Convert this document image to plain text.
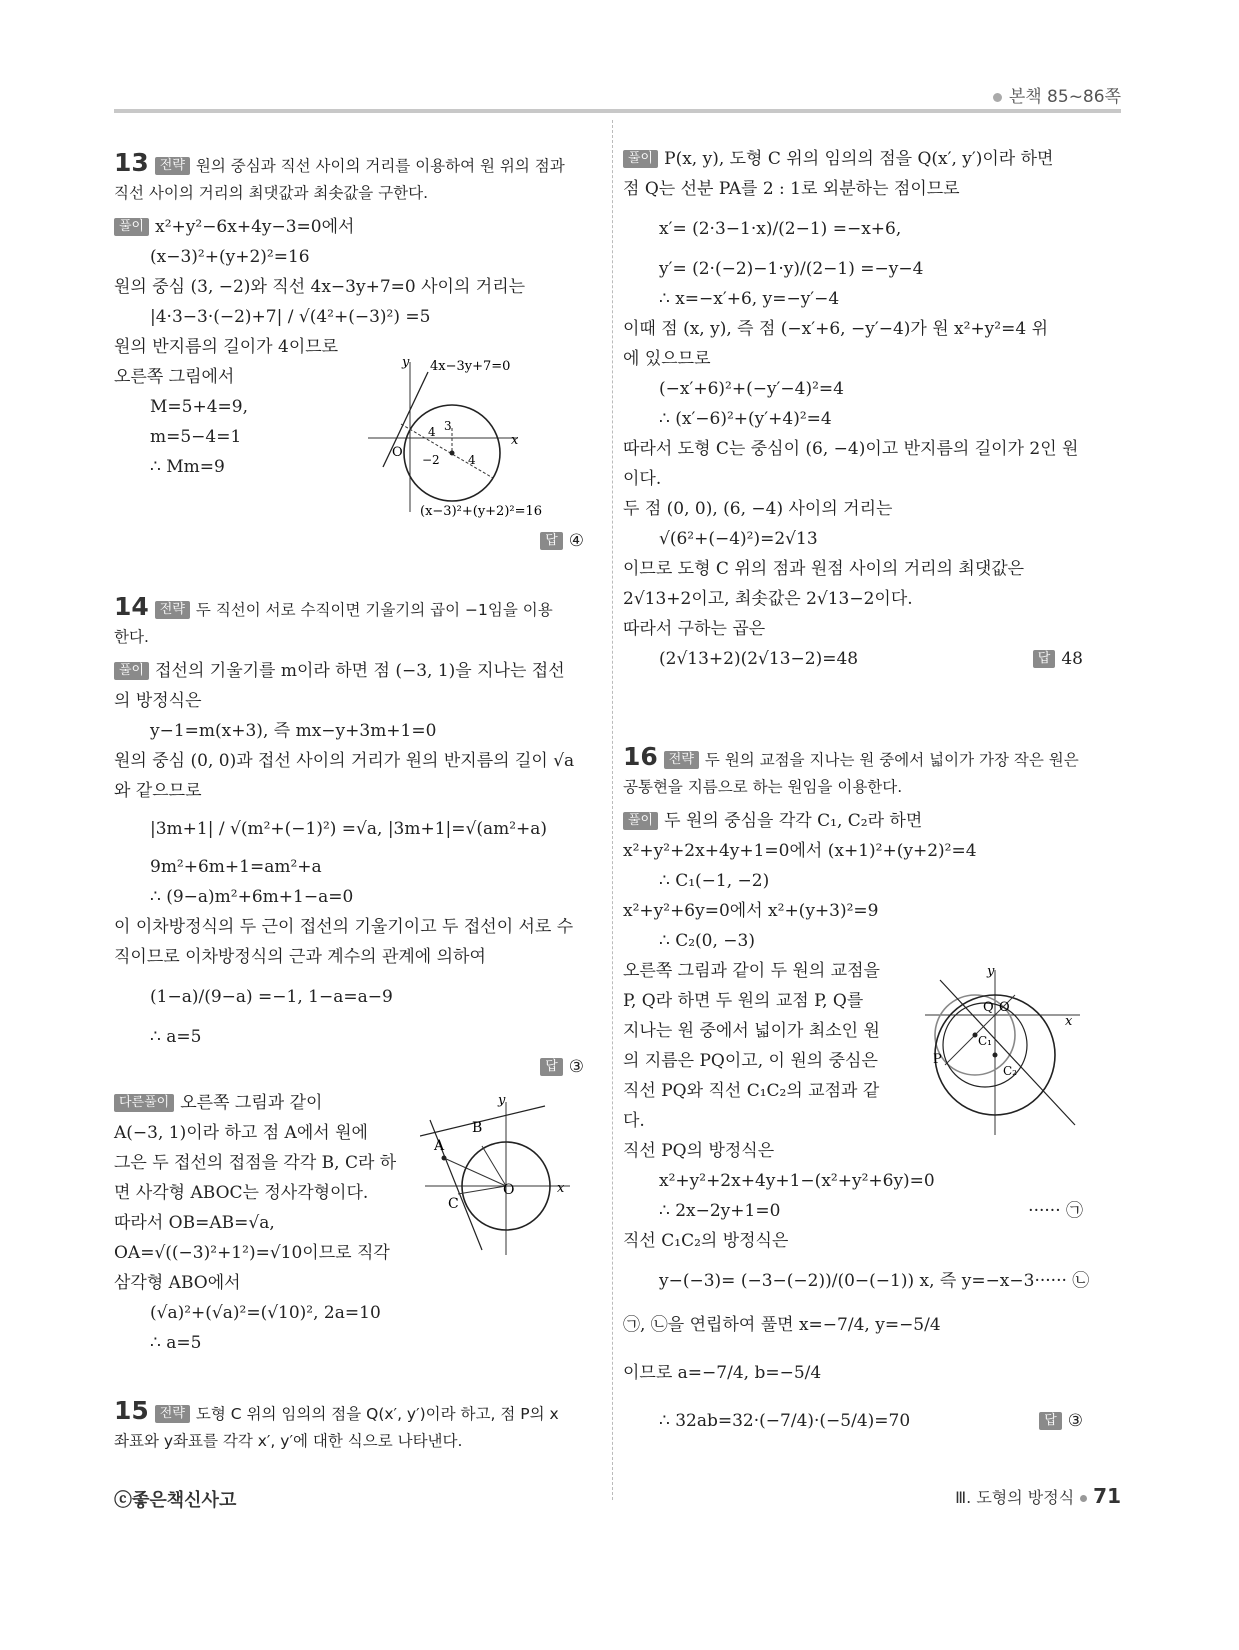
본책 85~86쪽
13 전략 원의 중심과 직선 사이의 거리를 이용하여 원 위의 점과
직선 사이의 거리의 최댓값과 최솟값을 구한다.
풀이 x²+y²−6x+4y−3=0에서
(x−3)²+(y+2)²=16
원의 중심 (3, −2)와 직선 4x−3y+7=0 사이의 거리는
|4·3−3·(−2)+7| / √(4²+(−3)²) =5
원의 반지름의 길이가 4이므로
오른쪽 그림에서
M=5+4=9,
m=5−4=1
∴ Mm=9
답 ④
y 4x−3y+7=0
x
O
4 3
−2 4
(x−3)²+(y+2)²=16
14 전략 두 직선이 서로 수직이면 기울기의 곱이 −1임을 이용
한다.
풀이 접선의 기울기를 m이라 하면 점 (−3, 1)을 지나는 접선
의 방정식은
y−1=m(x+3), 즉 mx−y+3m+1=0
원의 중심 (0, 0)과 접선 사이의 거리가 원의 반지름의 길이 √a
와 같으므로
|3m+1| / √(m²+(−1)²) =√a, |3m+1|=√(am²+a)
9m²+6m+1=am²+a
∴ (9−a)m²+6m+1−a=0
이 이차방정식의 두 근이 접선의 기울기이고 두 접선이 서로 수
직이므로 이차방정식의 근과 계수의 관계에 의하여
(1−a)/(9−a) =−1, 1−a=a−9
∴ a=5
답 ③
다른풀이 오른쪽 그림과 같이
A(−3, 1)이라 하고 점 A에서 원에
그은 두 접선의 접점을 각각 B, C라 하
면 사각형 ABOC는 정사각형이다.
따라서 OB=AB=√a,
OA=√((−3)²+1²)=√10이므로 직각
삼각형 ABO에서
(√a)²+(√a)²=(√10)², 2a=10
∴ a=5
y
x
A
B
C
O
15 전략 도형 C 위의 임의의 점을 Q(x′, y′)이라 하고, 점 P의 x
좌표와 y좌표를 각각 x′, y′에 대한 식으로 나타낸다.
풀이 P(x, y), 도형 C 위의 임의의 점을 Q(x′, y′)이라 하면
점 Q는 선분 PA를 2 : 1로 외분하는 점이므로
x′= (2·3−1·x)/(2−1) =−x+6,
y′= (2·(−2)−1·y)/(2−1) =−y−4
∴ x=−x′+6, y=−y′−4
이때 점 (x, y), 즉 점 (−x′+6, −y′−4)가 원 x²+y²=4 위
에 있으므로
(−x′+6)²+(−y′−4)²=4
∴ (x′−6)²+(y′+4)²=4
따라서 도형 C는 중심이 (6, −4)이고 반지름의 길이가 2인 원
이다.
두 점 (0, 0), (6, −4) 사이의 거리는
√(6²+(−4)²)=2√13
이므로 도형 C 위의 점과 원점 사이의 거리의 최댓값은
2√13+2이고, 최솟값은 2√13−2이다.
따라서 구하는 곱은
(2√13+2)(2√13−2)=48	답 48
16 전략 두 원의 교점을 지나는 원 중에서 넓이가 가장 작은 원은
공통현을 지름으로 하는 원임을 이용한다.
풀이 두 원의 중심을 각각 C₁, C₂라 하면
x²+y²+2x+4y+1=0에서 (x+1)²+(y+2)²=4
∴ C₁(−1, −2)
x²+y²+6y=0에서 x²+(y+3)²=9
∴ C₂(0, −3)
오른쪽 그림과 같이 두 원의 교점을
P, Q라 하면 두 원의 교점 P, Q를
지나는 원 중에서 넓이가 최소인 원
의 지름은 PQ이고, 이 원의 중심은
직선 PQ와 직선 C₁C₂의 교점과 같
다.
직선 PQ의 방정식은
x²+y²+2x+4y+1−(x²+y²+6y)=0
∴ 2x−2y+1=0	······ ㉠
직선 C₁C₂의 방정식은
y−(−3)= (−3−(−2))/(0−(−1)) x, 즉 y=−x−3 ······ ㉡
㉠, ㉡을 연립하여 풀면 x=−7/4, y=−5/4
이므로 a=−7/4, b=−5/4
∴ 32ab=32·(−7/4)·(−5/4)=70	답 ③
y
x
Q O
C₁
C₂
P
ⓒ좋은책신사고	Ⅲ. 도형의 방정식 71
